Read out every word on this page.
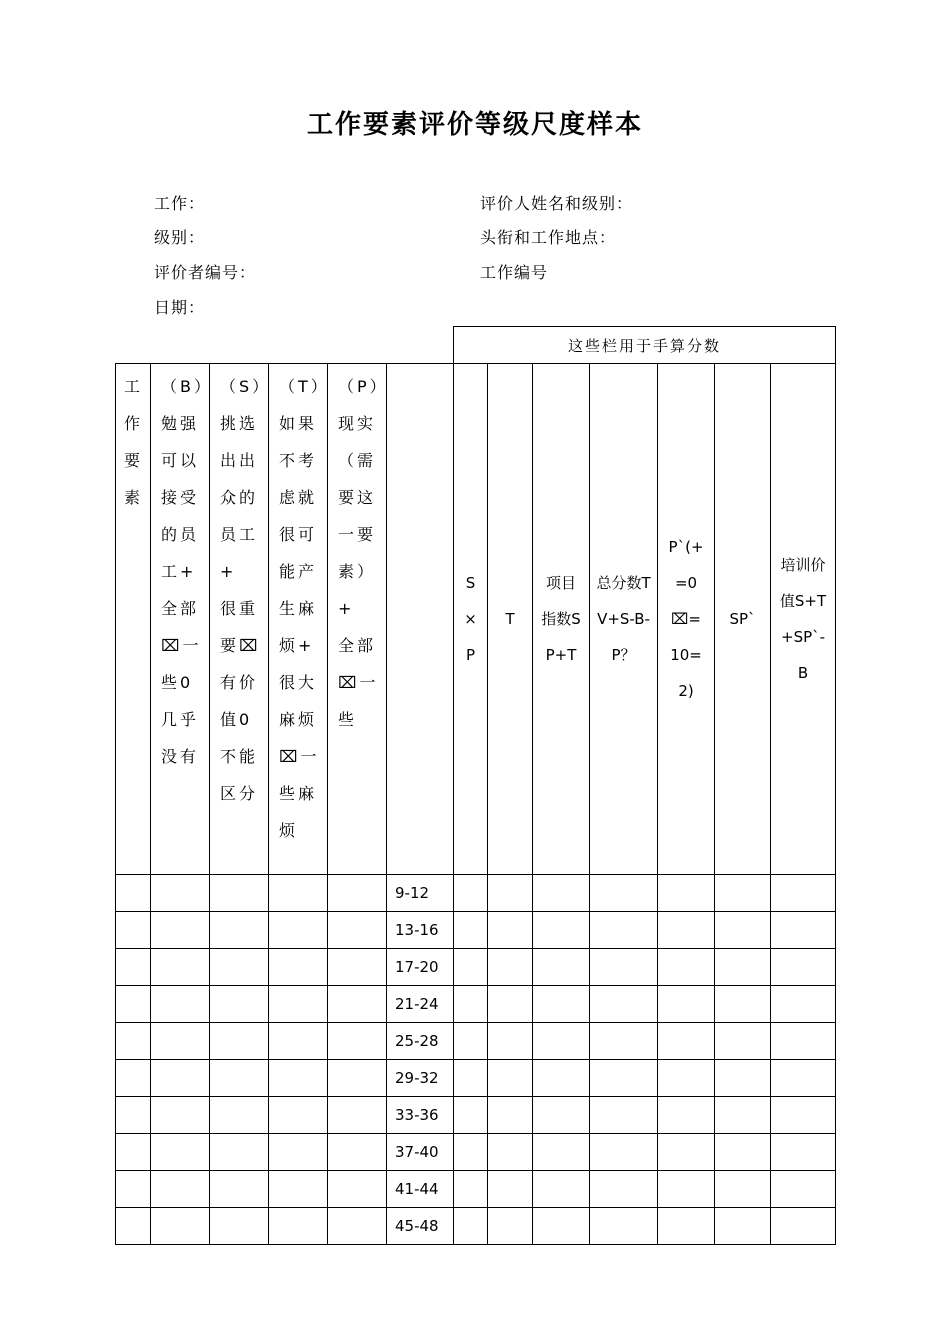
工作要素评价等级尺度样本
工作：	评价人姓名和级别：
级别：	头衔和工作地点：
评价者编号：	工作编号
日期：
						这些栏用于手算分数						

工作要素	（B）勉强可以接受的员工+ 全部⌧一些0 几乎没有	（S）挑选出出众的员工+ 很重要⌧有价值0 不能区分	（T）如果不考虑就很可能产生麻烦+ 很大麻烦⌧一些麻烦	（P）现实（需要这一要素）+ 全部⌧一些		S×P	T	项目指数SP+T	总分数TV+S-B-P？	P`(+=0⌧=10=2)	SP`	培训价值S+T+SP`-B

					9-12							
					13-16							
					17-20							
					21-24							
					25-28							
					29-32							
					33-36							
					37-40							
					41-44							
					45-48							
